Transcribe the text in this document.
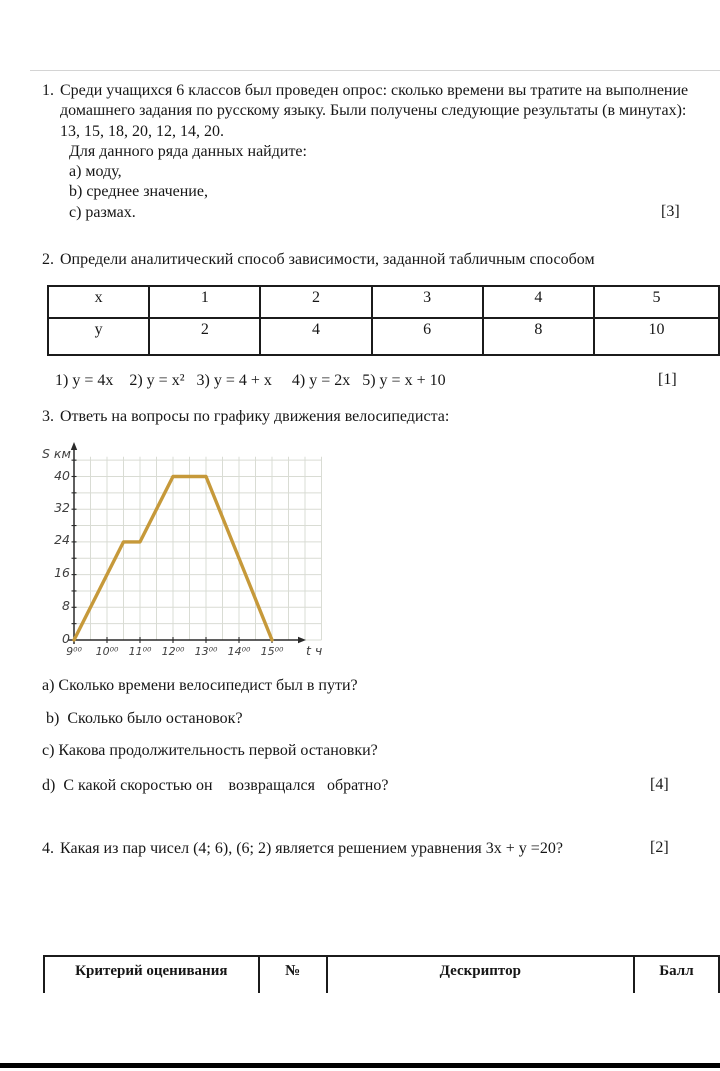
1. Среди учащихся 6 классов был проведен опрос: сколько времени вы тратите на выполнение домашнего задания по русскому языку. Были получены следующие результаты (в минутах): 13, 15, 18, 20, 12, 14, 20.
Для данного ряда данных найдите:
a) моду,
b) среднее значение,
c) размах.	[3]
2. Определи аналитический способ зависимости, заданной табличным способом
x	1	2	3	4	5
y	2	4	6	8	10
1) y = 4x    2) y = x²   3) y = 4 + x     4) y = 2x   5) y = x + 10	[1]
3. Ответь на вопросы по графику движения велосипедиста:
S км
t ч
0
8
16
24
32
40
9⁰⁰ 10⁰⁰ 11⁰⁰ 12⁰⁰ 13⁰⁰ 14⁰⁰ 15⁰⁰
a) Сколько времени велосипедист был в пути?
b)  Сколько было остановок?
c) Какова продолжительность первой остановки?
d)  С какой скоростью он    возвращался   обратно?	[4]
4. Какая из пар чисел (4; 6), (6; 2) является решением уравнения 3x + y =20?	[2]
Критерий оценивания	№	Дескриптор	Балл
